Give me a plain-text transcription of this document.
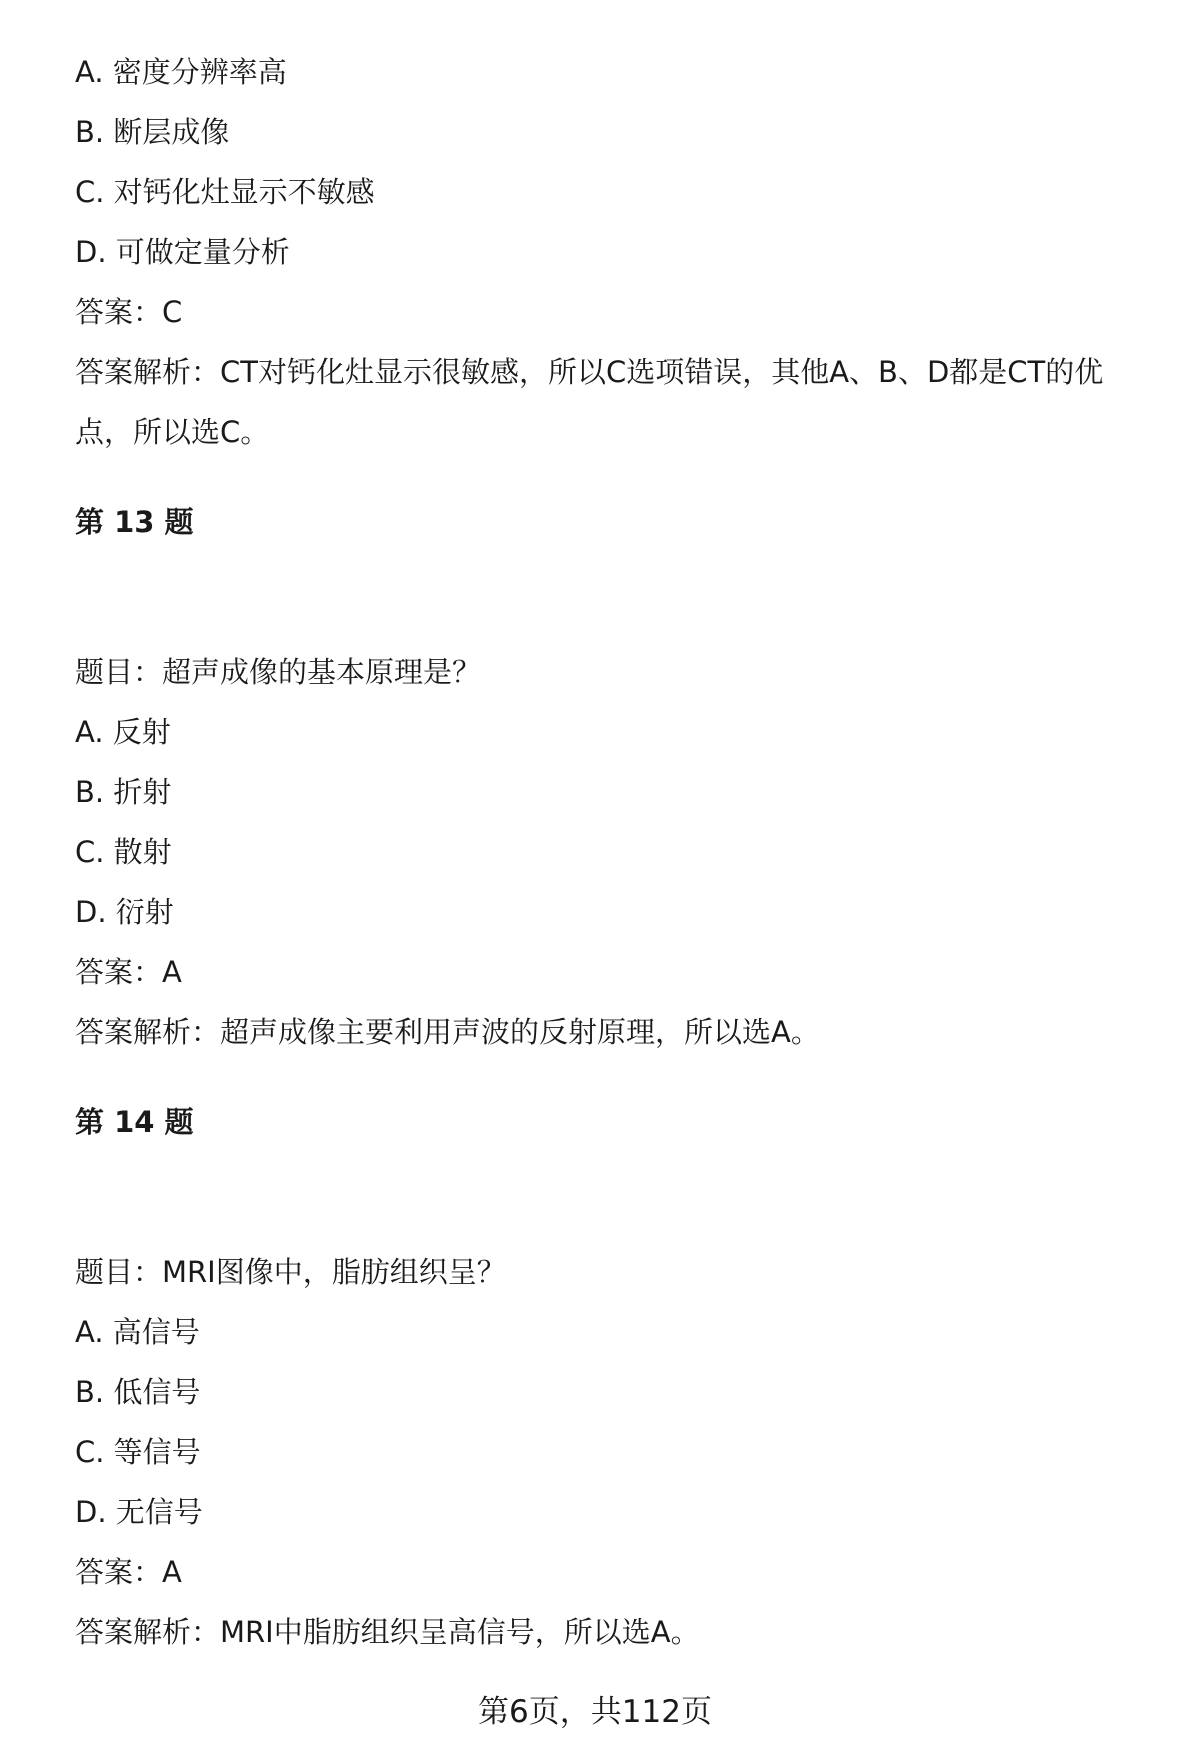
A. 密度分辨率高
B. 断层成像
C. 对钙化灶显示不敏感
D. 可做定量分析
答案：C
答案解析：CT对钙化灶显示很敏感，所以C选项错误，其他A、B、D都是CT的优
点，所以选C。
第 13 题
题目：超声成像的基本原理是？
A. 反射
B. 折射
C. 散射
D. 衍射
答案：A
答案解析：超声成像主要利用声波的反射原理，所以选A。
第 14 题
题目：MRI图像中，脂肪组织呈？
A. 高信号
B. 低信号
C. 等信号
D. 无信号
答案：A
答案解析：MRI中脂肪组织呈高信号，所以选A。
第6页，共112页
